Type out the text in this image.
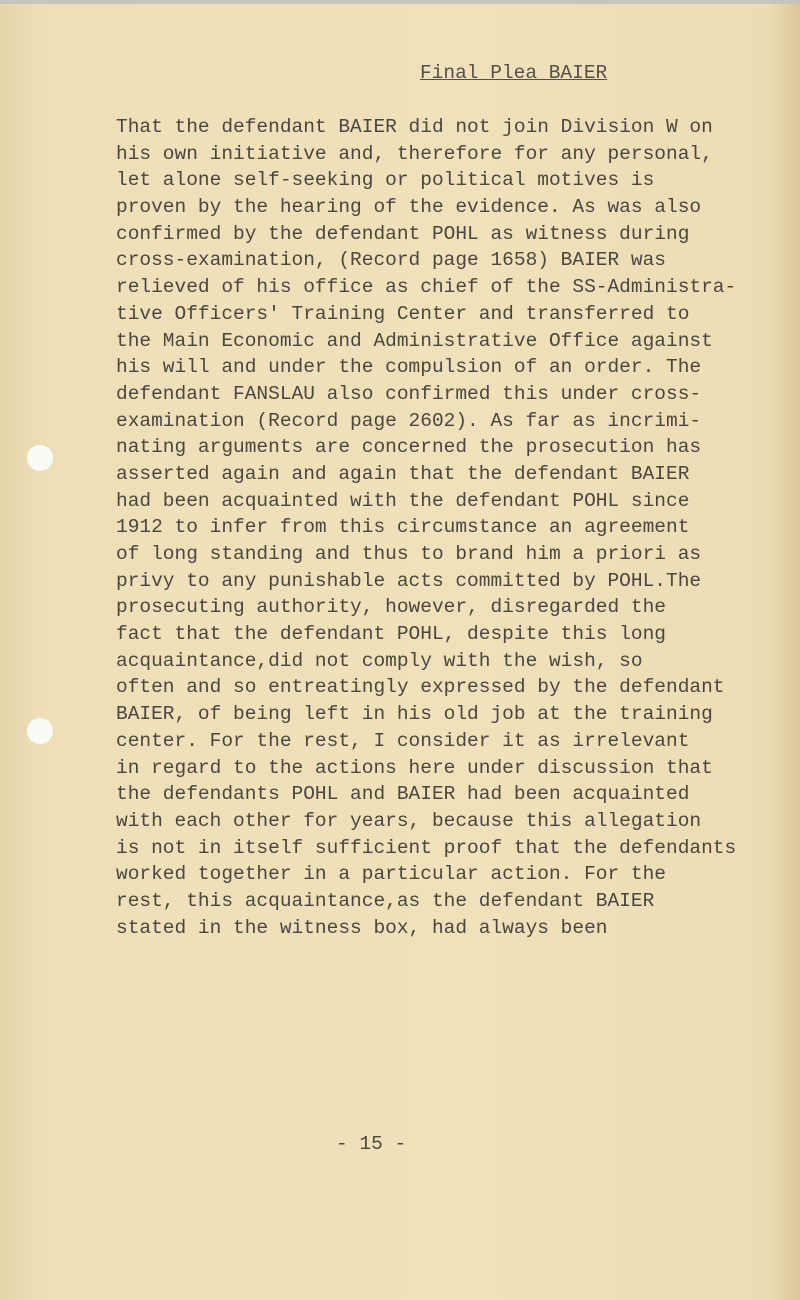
Final Plea BAIER
That the defendant BAIER did not join Division W on
his own initiative and, therefore for any personal,
let alone self-seeking or political motives is
proven by the hearing of the evidence. As was also
confirmed by the defendant POHL as witness during
cross-examination, (Record page 1658) BAIER was
relieved of his office as chief of the SS-Administra-
tive Officers' Training Center and transferred to
the Main Economic and Administrative Office against
his will and under the compulsion of an order. The
defendant FANSLAU also confirmed this under cross-
examination (Record page 2602). As far as incrimi-
nating arguments are concerned the prosecution has
asserted again and again that the defendant BAIER
had been acquainted with the defendant POHL since
1912 to infer from this circumstance an agreement
of long standing and thus to brand him a priori as
privy to any punishable acts committed by POHL.The
prosecuting authority, however, disregarded the
fact that the defendant POHL, despite this long
acquaintance,did not comply with the wish, so
often and so entreatingly expressed by the defendant
BAIER, of being left in his old job at the training
center. For the rest, I consider it as irrelevant
in regard to the actions here under discussion that
the defendants POHL and BAIER had been acquainted
with each other for years, because this allegation
is not in itself sufficient proof that the defendants
worked together in a particular action. For the
rest, this acquaintance,as the defendant BAIER
stated in the witness box, had always been
- 15 -
